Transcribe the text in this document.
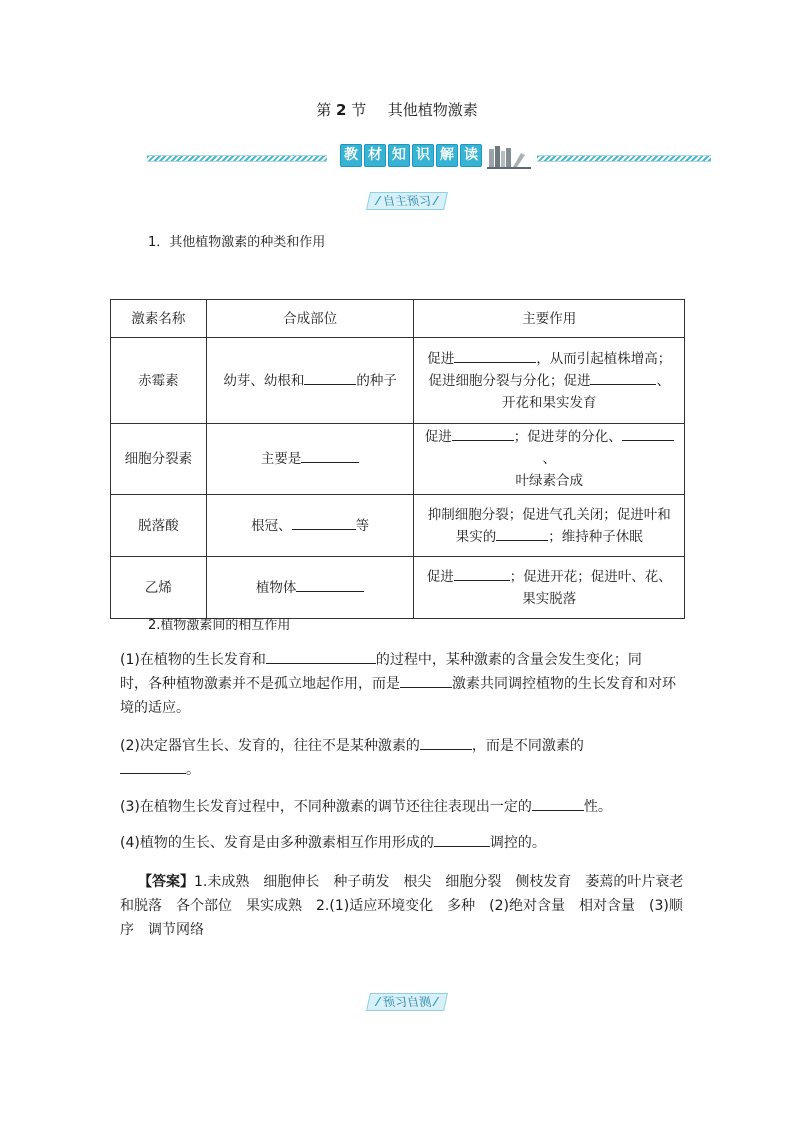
第 2 节 其他植物激素
教 材 知 识 解 读
⁄ 自主预习 ⁄
1．其他植物激素的种类和作用
激素名称	合成部位	主要作用
赤霉素	幼芽、幼根和 的种子	促进 ，从而引起植株增高；
促进细胞分裂与分化；促进 、
开花和果实发育
细胞分裂素	主要是	促进 ；促进芽的分化、、
叶绿素合成
脱落酸	根冠、 等	抑制细胞分裂；促进气孔关闭；促进叶和
果实的 ；维持种子休眠
乙烯	植物体	促进 ；促进开花；促进叶、花、
果实脱落
2.植物激素间的相互作用
(1)在植物的生长发育和	的过程中，某种激素的含量会发生变化；同
时，各种植物激素并不是孤立地起作用，而是	激素共同调控植物的生长发育和对环
境的适应。
(2)决定器官生长、发育的，往往不是某种激素的	，而是不同激素的
。
(3)在植物生长发育过程中，不同种激素的调节还往往表现出一定的	性。
(4)植物的生长、发育是由多种激素相互作用形成的	调控的。
【答案】1.未成熟　细胞伸长　种子萌发　根尖　细胞分裂　侧枝发育　萎蔫的叶片衰老和脱落　各个部位　果实成熟　2.(1)适应环境变化　多种　(2)绝对含量　相对含量　(3)顺序　调节网络
⁄ 预习自测 ⁄
